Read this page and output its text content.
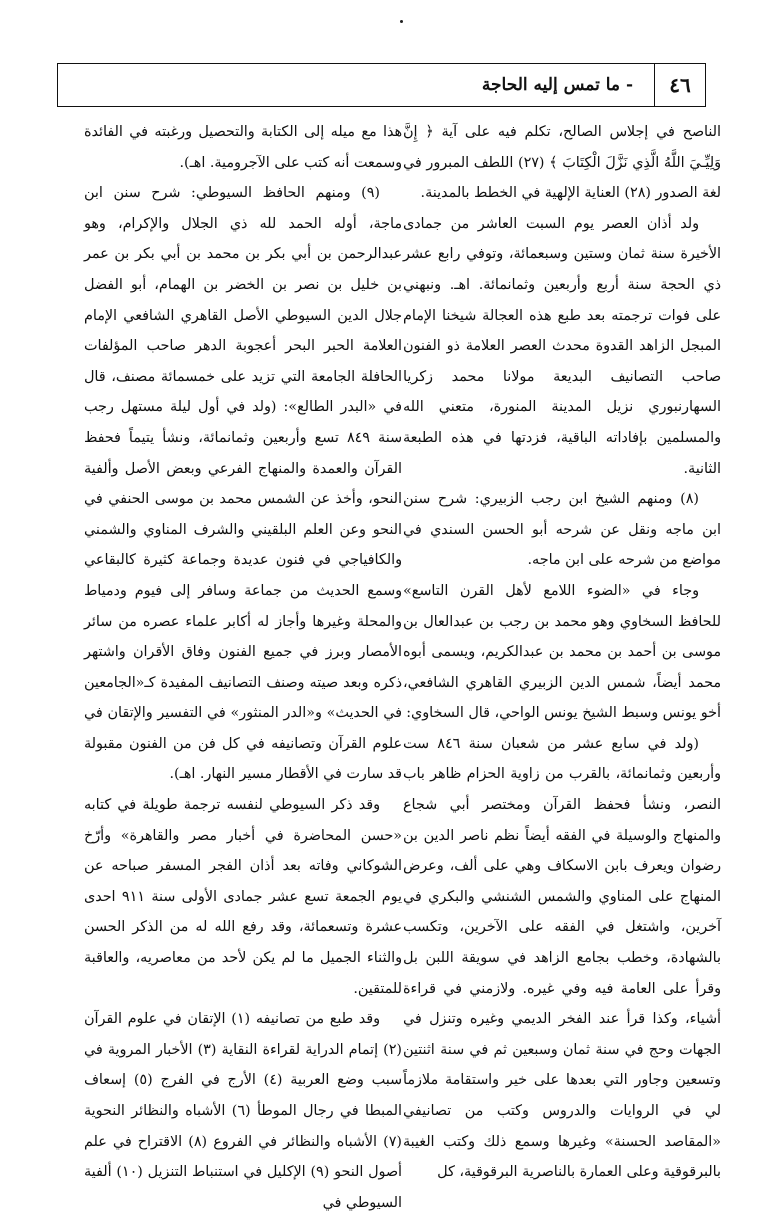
٤٦
- ما تمس إليه الحاجة

الناصح في إجلاس الصالح، تكلم فيه على آية ﴿ إِنَّ وَلِيِّـيَ اللَّهُ الَّذِي نَزَّلَ الْكِتَابَ ﴾ (٢٧) اللطف المبرور في لغة الصدور (٢٨) العناية الإلهية في الخطط بالمدينة.

ولد أذان العصر يوم السبت العاشر من جمادى الأخيرة سنة ثمان وستين وسبعمائة، وتوفي رابع عشر ذي الحجة سنة أربع وأربعين وثمانمائة. اهـ. ونبهني على فوات ترجمته بعد طبع هذه العجالة شيخنا الإمام المبجل الزاهد القدوة محدث العصر العلامة ذو الفنون صاحب التصانيف البديعة مولانا محمد زكريا السهارنبوري نزيل المدينة المنورة، متعني الله والمسلمين بإفاداته الباقية، فزدتها في هذه الطبعة الثانية.

(٨) ومنهم الشيخ ابن رجب الزبيري: شرح سنن ابن ماجه ونقل عن شرحه أبو الحسن السندي في مواضع من شرحه على ابن ماجه.

وجاء في «الضوء اللامع لأهل القرن التاسع» للحافظ السخاوي وهو محمد بن رجب بن عبدالعال بن موسى بن أحمد بن محمد بن عبدالكريم، ويسمى أبوه محمد أيضاً، شمس الدين الزبيري القاهري الشافعي، أخو يونس وسبط الشيخ يونس الواحي، قال السخاوي:

(ولد في سابع عشر من شعبان سنة ٨٤٦ ست وأربعين وثمانمائة، بالقرب من زاوية الحزام ظاهر باب النصر، ونشأ فحفظ القرآن ومختصر أبي شجاع والمنهاج والوسيلة في الفقه أيضاً نظم ناصر الدين بن رضوان ويعرف بابن الاسكاف وهي على ألف، وعرض المنهاج على المناوي والشمس الشنشي والبكري في آخرين، واشتغل في الفقه على الآخرين، وتكسب بالشهادة، وخطب بجامع الزاهد في سويقة اللبن بل وقرأ على العامة فيه وفي غيره. ولازمني في قراءة أشياء، وكذا قرأ عند الفخر الديمي وغيره وتنزل في الجهات وحج في سنة ثمان وسبعين ثم في سنة اثنتين وتسعين وجاور التي بعدها على خير واستقامة ملازماً لي في الروايات والدروس وكتب من تصانيفي «المقاصد الحسنة» وغيرها وسمع ذلك وكتب الغيبة بالبرقوقية وعلى العمارة بالناصرية البرقوقية، كل

هذا مع ميله إلى الكتابة والتحصيل ورغبته في الفائدة وسمعت أنه كتب على الآجرومية. اهـ).

(٩) ومنهم الحافظ السيوطي: شرح سنن ابن ماجة، أوله الحمد لله ذي الجلال والإكرام، وهو عبدالرحمن بن أبي بكر بن محمد بن أبي بكر بن عمر بن خليل بن نصر بن الخضر بن الهمام، أبو الفضل جلال الدين السيوطي الأصل القاهري الشافعي الإمام العلامة الحبر البحر أعجوبة الدهر صاحب المؤلفات الحافلة الجامعة التي تزيد على خمسمائة مصنف، قال في «البدر الطالع»: (ولد في أول ليلة مستهل رجب سنة ٨٤٩ تسع وأربعين وثمانمائة، ونشأ يتيماً فحفظ القرآن والعمدة والمنهاج الفرعي وبعض الأصل وألفية النحو، وأخذ عن الشمس محمد بن موسى الحنفي في النحو وعن العلم البلقيني والشرف المناوي والشمني والكافياجي في فنون عديدة وجماعة كثيرة كالبقاعي وسمع الحديث من جماعة وسافر إلى فيوم ودمياط والمحلة وغيرها وأجاز له أكابر علماء عصره من سائر الأمصار وبرز في جميع الفنون وفاق الأقران واشتهر ذكره وبعد صيته وصنف التصانيف المفيدة كـ«الجامعين في الحديث» و«الدر المنثور» في التفسير والإتقان في علوم القرآن وتصانيفه في كل فن من الفنون مقبولة قد سارت في الأقطار مسير النهار. اهـ).

وقد ذكر السيوطي لنفسه ترجمة طويلة في كتابه «حسن المحاضرة في أخبار مصر والقاهرة» وأرّخ الشوكاني وفاته بعد أذان الفجر المسفر صباحه عن يوم الجمعة تسع عشر جمادى الأولى سنة ٩١١ احدى عشرة وتسعمائة، وقد رفع الله له من الذكر الحسن والثناء الجميل ما لم يكن لأحد من معاصريه، والعاقبة للمتقين.

وقد طبع من تصانيفه (١) الإتقان في علوم القرآن (٢) إتمام الدراية لقراءة النقاية (٣) الأخبار المروية في سبب وضع العربية (٤) الأرج في الفرج (٥) إسعاف المبطا في رجال الموطأ (٦) الأشباه والنظائر النحوية (٧) الأشباه والنظائر في الفروع (٨) الاقتراح في علم أصول النحو (٩) الإكليل في استنباط التنزيل (١٠) ألفية السيوطي في
